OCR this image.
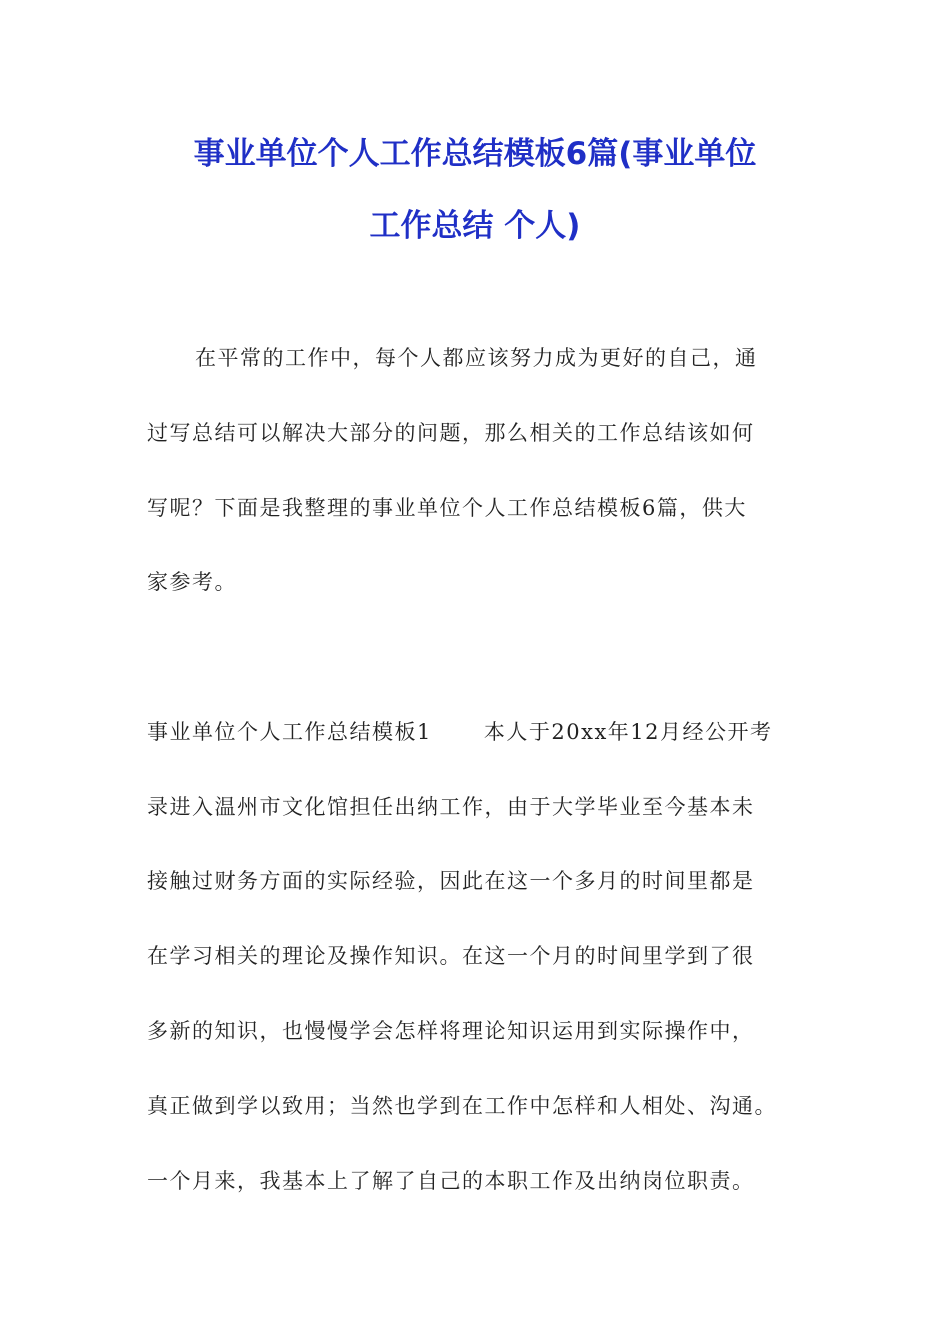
事业单位个人工作总结模板6篇(事业单位
工作总结 个人)
在平常的工作中，每个人都应该努力成为更好的自己，通
过写总结可以解决大部分的问题，那么相关的工作总结该如何
写呢？下面是我整理的事业单位个人工作总结模板6篇，供大
家参考。
事业单位个人工作总结模板1 本人于20xx年12月经公开考
录进入温州市文化馆担任出纳工作，由于大学毕业至今基本未
接触过财务方面的实际经验，因此在这一个多月的时间里都是
在学习相关的理论及操作知识。在这一个月的时间里学到了很
多新的知识，也慢慢学会怎样将理论知识运用到实际操作中，
真正做到学以致用；当然也学到在工作中怎样和人相处、沟通。
一个月来，我基本上了解了自己的本职工作及出纳岗位职责。
